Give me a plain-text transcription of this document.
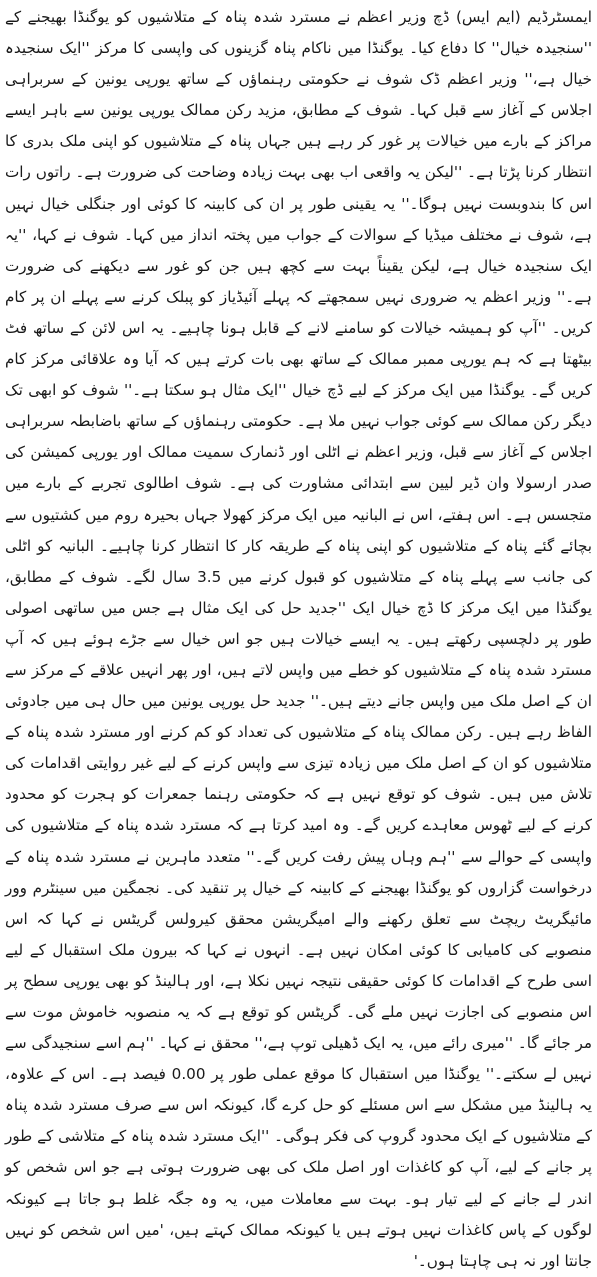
ایمسٹرڈیم (ایم ایس) ڈچ وزیر اعظم نے مسترد شدہ پناہ کے متلاشیوں کو یوگنڈا بھیجنے کے ''سنجیدہ خیال'' کا دفاع کیا۔ یوگنڈا میں ناکام پناہ گزینوں کی واپسی کا مرکز ''ایک سنجیدہ خیال ہے،'' وزیر اعظم ڈک شوف نے حکومتی رہنماؤں کے ساتھ یورپی یونین کے سربراہی اجلاس کے آغاز سے قبل کہا۔ شوف کے مطابق، مزید رکن ممالک یورپی یونین سے باہر ایسے مراکز کے بارے میں خیالات پر غور کر رہے ہیں جہاں پناہ کے متلاشیوں کو اپنی ملک بدری کا انتظار کرنا پڑتا ہے۔ ''لیکن یہ واقعی اب بھی بہت زیادہ وضاحت کی ضرورت ہے۔ راتوں رات اس کا بندوبست نہیں ہوگا۔'' یہ یقینی طور پر ان کی کابینہ کا کوئی اور جنگلی خیال نہیں ہے، شوف نے مختلف میڈیا کے سوالات کے جواب میں پختہ انداز میں کہا۔ شوف نے کہا، ''یہ ایک سنجیدہ خیال ہے، لیکن یقیناً بہت سے کچھ ہیں جن کو غور سے دیکھنے کی ضرورت ہے۔'' وزیر اعظم یہ ضروری نہیں سمجھتے کہ پہلے آئیڈیاز کو پبلک کرنے سے پہلے ان پر کام کریں۔ ''آپ کو ہمیشہ خیالات کو سامنے لانے کے قابل ہونا چاہیے۔ یہ اس لائن کے ساتھ فٹ بیٹھتا ہے کہ ہم یورپی ممبر ممالک کے ساتھ بھی بات کرتے ہیں کہ آیا وہ علاقائی مرکز کام کریں گے۔ یوگنڈا میں ایک مرکز کے لیے ڈچ خیال ''ایک مثال ہو سکتا ہے۔'' شوف کو ابھی تک دیگر رکن ممالک سے کوئی جواب نہیں ملا ہے۔ حکومتی رہنماؤں کے ساتھ باضابطہ سربراہی اجلاس کے آغاز سے قبل، وزیر اعظم نے اٹلی اور ڈنمارک سمیت ممالک اور یورپی کمیشن کی صدر ارسولا وان ڈیر لیین سے ابتدائی مشاورت کی ہے۔ شوف اطالوی تجربے کے بارے میں متجسس ہے۔ اس ہفتے، اس نے البانیہ میں ایک مرکز کھولا جہاں بحیرہ روم میں کشتیوں سے بچائے گئے پناہ کے متلاشیوں کو اپنی پناہ کے طریقہ کار کا انتظار کرنا چاہیے۔ البانیہ کو اٹلی کی جانب سے پہلے پناہ کے متلاشیوں کو قبول کرنے میں 3.5 سال لگے۔ شوف کے مطابق، یوگنڈا میں ایک مرکز کا ڈچ خیال ایک ''جدید حل کی ایک مثال ہے جس میں ساتھی اصولی طور پر دلچسپی رکھتے ہیں۔ یہ ایسے خیالات ہیں جو اس خیال سے جڑے ہوئے ہیں کہ آپ مسترد شدہ پناہ کے متلاشیوں کو خطے میں واپس لاتے ہیں، اور پھر انہیں علاقے کے مرکز سے ان کے اصل ملک میں واپس جانے دیتے ہیں۔'' جدید حل یورپی یونین میں حال ہی میں جادوئی الفاظ رہے ہیں۔ رکن ممالک پناہ کے متلاشیوں کی تعداد کو کم کرنے اور مسترد شدہ پناہ کے متلاشیوں کو ان کے اصل ملک میں زیادہ تیزی سے واپس کرنے کے لیے غیر روایتی اقدامات کی تلاش میں ہیں۔ شوف کو توقع نہیں ہے کہ حکومتی رہنما جمعرات کو ہجرت کو محدود کرنے کے لیے ٹھوس معاہدے کریں گے۔ وہ امید کرتا ہے کہ مسترد شدہ پناہ کے متلاشیوں کی واپسی کے حوالے سے ''ہم وہاں پیش رفت کریں گے۔'' متعدد ماہرین نے مسترد شدہ پناہ کے درخواست گزاروں کو یوگنڈا بھیجنے کے کابینہ کے خیال پر تنقید کی۔ نجمگین میں سینٹرم وور مائیگریٹ ریچٹ سے تعلق رکھنے والے امیگریشن محقق کیرولس گریٹس نے کہا کہ اس منصوبے کی کامیابی کا کوئی امکان نہیں ہے۔ انہوں نے کہا کہ بیرون ملک استقبال کے لیے اسی طرح کے اقدامات کا کوئی حقیقی نتیجہ نہیں نکلا ہے، اور ہالینڈ کو بھی یورپی سطح پر اس منصوبے کی اجازت نہیں ملے گی۔ گریٹس کو توقع ہے کہ یہ منصوبہ خاموش موت سے مر جائے گا۔ ''میری رائے میں، یہ ایک ڈھیلی توپ ہے،'' محقق نے کہا۔ ''ہم اسے سنجیدگی سے نہیں لے سکتے۔'' یوگنڈا میں استقبال کا موقع عملی طور پر 0.00 فیصد ہے۔ اس کے علاوہ، یہ ہالینڈ میں مشکل سے اس مسئلے کو حل کرے گا، کیونکہ اس سے صرف مسترد شدہ پناہ کے متلاشیوں کے ایک محدود گروپ کی فکر ہوگی۔ ''ایک مسترد شدہ پناہ کے متلاشی کے طور پر جانے کے لیے، آپ کو کاغذات اور اصل ملک کی بھی ضرورت ہوتی ہے جو اس شخص کو اندر لے جانے کے لیے تیار ہو۔ بہت سے معاملات میں، یہ وہ جگہ غلط ہو جاتا ہے کیونکہ لوگوں کے پاس کاغذات نہیں ہوتے ہیں یا کیونکہ ممالک کہتے ہیں، 'میں اس شخص کو نہیں جانتا اور نہ ہی چاہتا ہوں۔'
